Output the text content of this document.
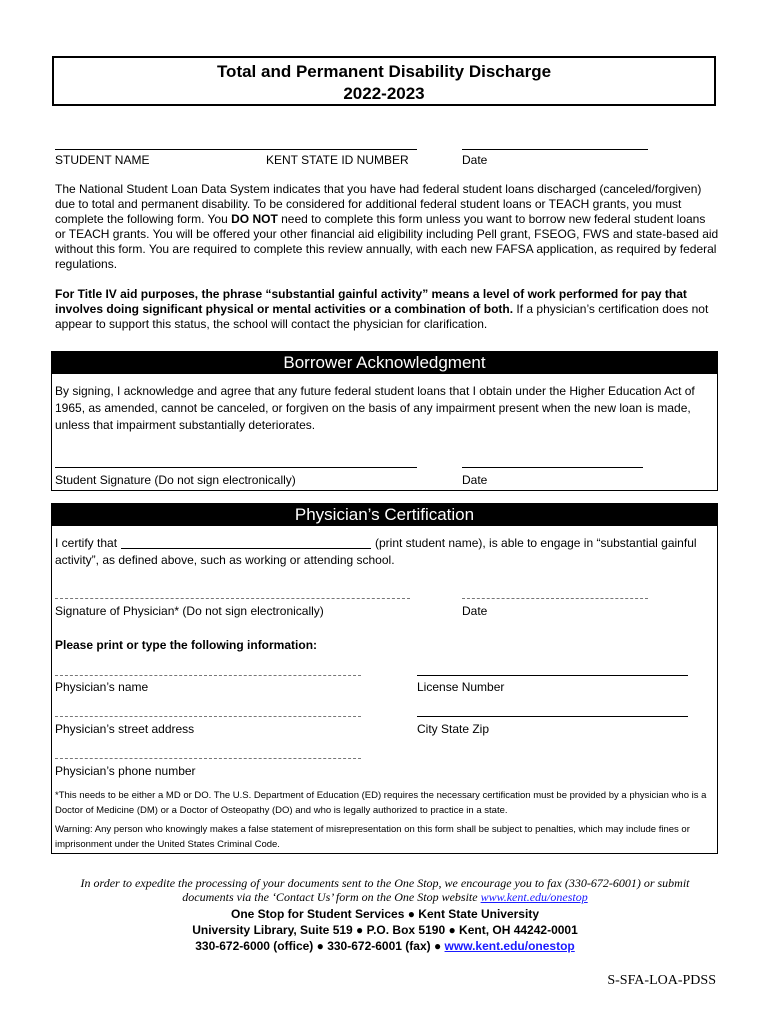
Total and Permanent Disability Discharge
2022-2023
STUDENT NAME	KENT STATE ID NUMBER	Date
The National Student Loan Data System indicates that you have had federal student loans discharged (canceled/forgiven) due to total and permanent disability. To be considered for additional federal student loans or TEACH grants, you must complete the following form. You DO NOT need to complete this form unless you want to borrow new federal student loans or TEACH grants. You will be offered your other financial aid eligibility including Pell grant, FSEOG, FWS and state-based aid without this form. You are required to complete this review annually, with each new FAFSA application, as required by federal regulations.
For Title IV aid purposes, the phrase “substantial gainful activity” means a level of work performed for pay that involves doing significant physical or mental activities or a combination of both. If a physician’s certification does not appear to support this status, the school will contact the physician for clarification.
Borrower Acknowledgment
By signing, I acknowledge and agree that any future federal student loans that I obtain under the Higher Education Act of 1965, as amended, cannot be canceled, or forgiven on the basis of any impairment present when the new loan is made, unless that impairment substantially deteriorates.
Student Signature (Do not sign electronically)	Date
Physician’s Certification
I certify that	(print student name), is able to engage in “substantial gainful
activity”, as defined above, such as working or attending school.
Signature of Physician* (Do not sign electronically)	Date
Please print or type the following information:
Physician’s name	License Number
Physician’s street address	City State Zip
Physician’s phone number
*This needs to be either a MD or DO. The U.S. Department of Education (ED) requires the necessary certification must be provided by a physician who is a Doctor of Medicine (DM) or a Doctor of Osteopathy (DO) and who is legally authorized to practice in a state.
Warning: Any person who knowingly makes a false statement of misrepresentation on this form shall be subject to penalties, which may include fines or imprisonment under the United States Criminal Code.
In order to expedite the processing of your documents sent to the One Stop, we encourage you to fax (330-672-6001) or submit
documents via the ‘Contact Us’ form on the One Stop website www.kent.edu/onestop
One Stop for Student Services ● Kent State University
University Library, Suite 519 ● P.O. Box 5190 ● Kent, OH 44242-0001
330-672-6000 (office) ● 330-672-6001 (fax) ● www.kent.edu/onestop
S-SFA-LOA-PDSS
